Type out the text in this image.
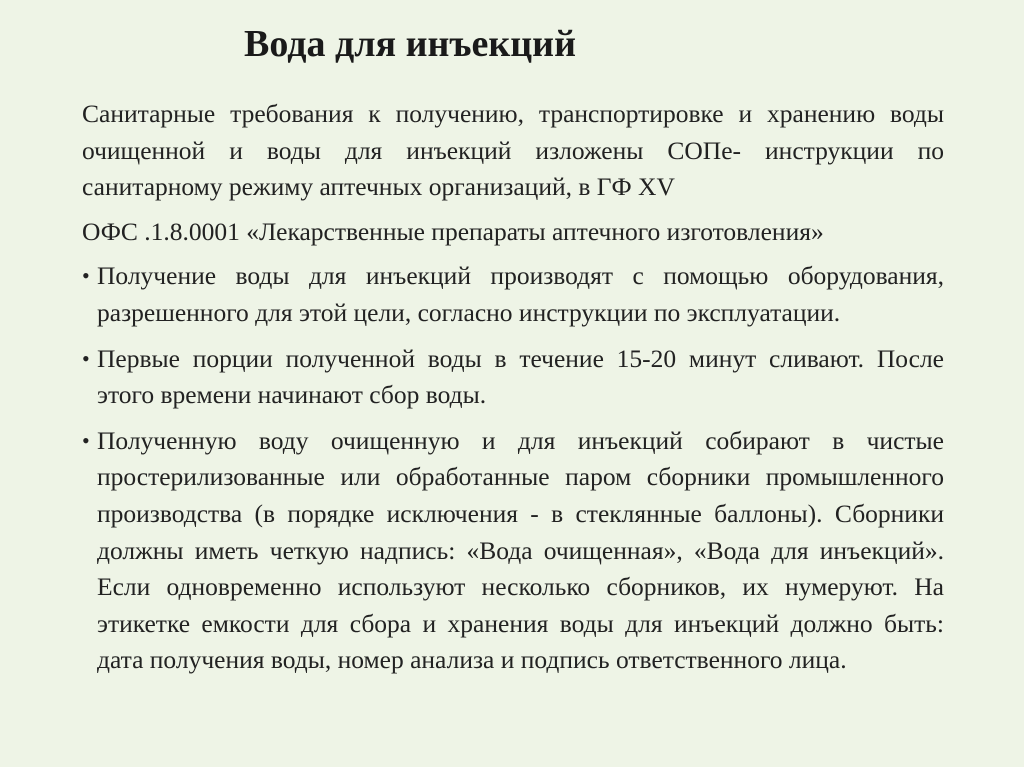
Вода для инъекций

Санитарные требования к получению, транспортировке и хранению воды очищенной и воды для инъекций изложены СОПе- инструкции по санитарному режиму аптечных организаций, в ГФ XV

ОФС .1.8.0001 «Лекарственные препараты аптечного изготовления»

• Получение воды для инъекций производят с помощью оборудования, разрешенного для этой цели, согласно инструкции по эксплуатации.
• Первые порции полученной воды в течение 15-20 минут сливают. После этого времени начинают сбор воды.
• Полученную воду очищенную и для инъекций собирают в чистые простерилизованные или обработанные паром сборники промышленного производства (в порядке исключения - в стеклянные баллоны). Сборники должны иметь четкую надпись: «Вода очищенная», «Вода для инъекций». Если одновременно используют несколько сборников, их нумеруют. На этикетке емкости для сбора и хранения воды для инъекций должно быть: дата получения воды, номер анализа и подпись ответственного лица.
